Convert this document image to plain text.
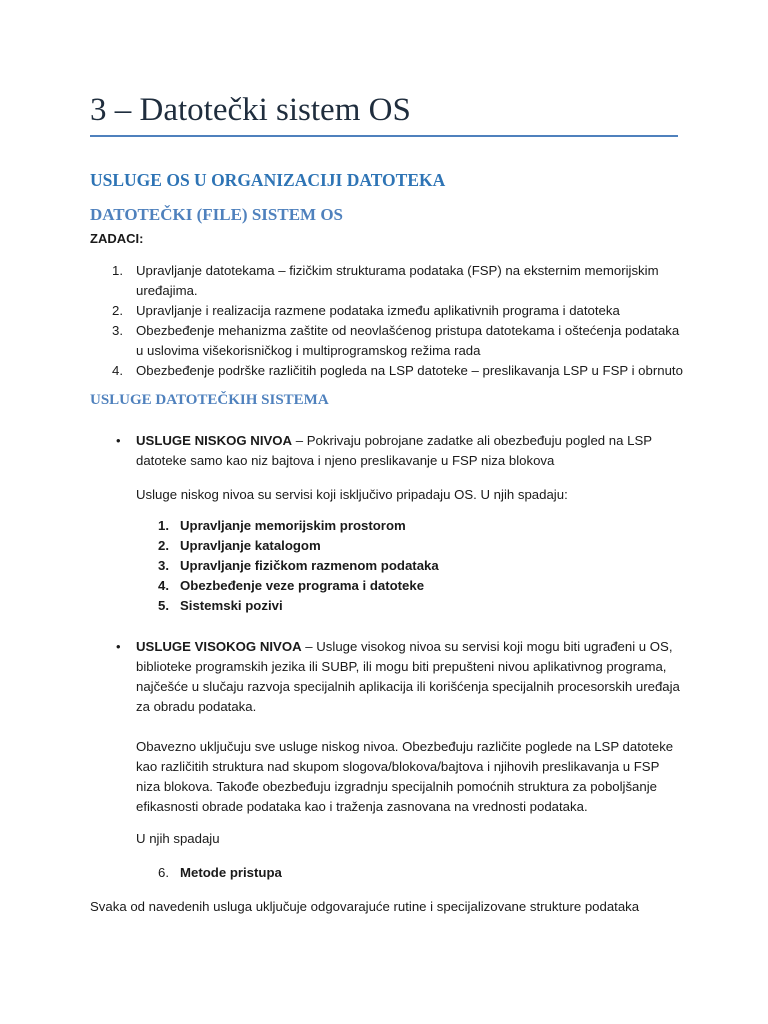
3 – Datotečki sistem OS
USLUGE OS U ORGANIZACIJI DATOTEKA
DATOTEČKI (FILE) SISTEM OS
ZADACI:
1. Upravljanje datotekama – fizičkim strukturama podataka (FSP) na eksternim memorijskim uređajima.
2. Upravljanje i realizacija razmene podataka između aplikativnih programa i datoteka
3. Obezbeđenje mehanizma zaštite od neovlašćenog pristupa datotekama i oštećenja podataka u uslovima višekorisničkog i multiprogramskog režima rada
4. Obezbeđenje podrške različitih pogleda na LSP datoteke – preslikavanja LSP u FSP i obrnuto
USLUGE DATOTEČKIH SISTEMA
• USLUGE NISKOG NIVOA – Pokrivaju pobrojane zadatke ali obezbeđuju pogled na LSP datoteke samo kao niz bajtova i njeno preslikavanje u FSP niza blokova
Usluge niskog nivoa su servisi koji isključivo pripadaju OS. U njih spadaju:
1. Upravljanje memorijskim prostorom
2. Upravljanje katalogom
3. Upravljanje fizičkom razmenom podataka
4. Obezbeđenje veze programa i datoteke
5. Sistemski pozivi
• USLUGE VISOKOG NIVOA – Usluge visokog nivoa su servisi koji mogu biti ugrađeni u OS, biblioteke programskih jezika ili SUBP, ili mogu biti prepušteni nivou aplikativnog programa, najčešće u slučaju razvoja specijalnih aplikacija ili korišćenja specijalnih procesorskih uređaja za obradu podataka.
Obavezno uključuju sve usluge niskog nivoa. Obezbeđuju različite poglede na LSP datoteke kao različitih struktura nad skupom slogova/blokova/bajtova i njihovih preslikavanja u FSP niza blokova. Takođe obezbeđuju izgradnju specijalnih pomoćnih struktura za poboljšanje efikasnosti obrade podataka kao i traženja zasnovana na vrednosti podataka.
U njih spadaju
6. Metode pristupa
Svaka od navedenih usluga uključuje odgovarajuće rutine i specijalizovane strukture podataka
